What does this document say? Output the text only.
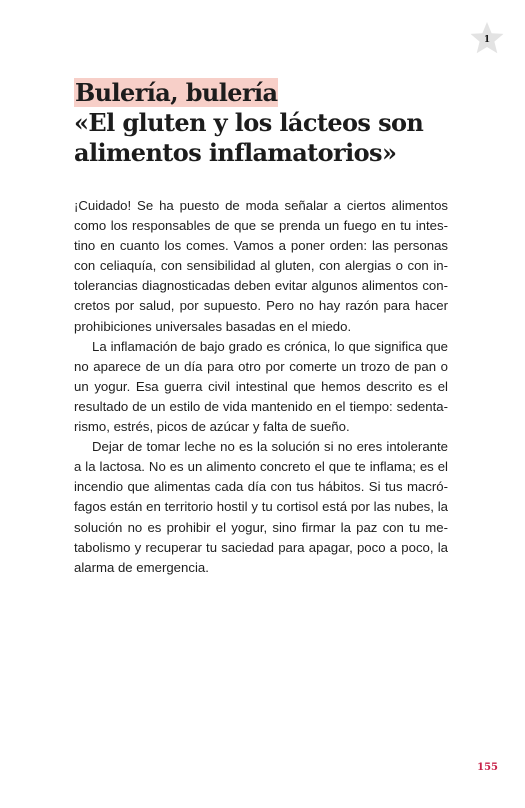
1
Bulería, bulería
«El gluten y los lácteos son
alimentos inflamatorios»

¡Cuidado! Se ha puesto de moda señalar a ciertos alimentos como los responsables de que se prenda un fuego en tu intestino en cuanto los comes. Vamos a poner orden: las personas con celiaquía, con sensibilidad al gluten, con alergias o con intolerancias diagnosticadas deben evitar algunos alimentos concretos por salud, por supuesto. Pero no hay razón para hacer prohibiciones universales basadas en el miedo.

La inflamación de bajo grado es crónica, lo que significa que no aparece de un día para otro por comerte un trozo de pan o un yogur. Esa guerra civil intestinal que hemos descrito es el resultado de un estilo de vida mantenido en el tiempo: sedentarismo, estrés, picos de azúcar y falta de sueño.

Dejar de tomar leche no es la solución si no eres intolerante a la lactosa. No es un alimento concreto el que te inflama; es el incendio que alimentas cada día con tus hábitos. Si tus macrófagos están en territorio hostil y tu cortisol está por las nubes, la solución no es prohibir el yogur, sino firmar la paz con tu metabolismo y recuperar tu saciedad para apagar, poco a poco, la alarma de emergencia.

155
